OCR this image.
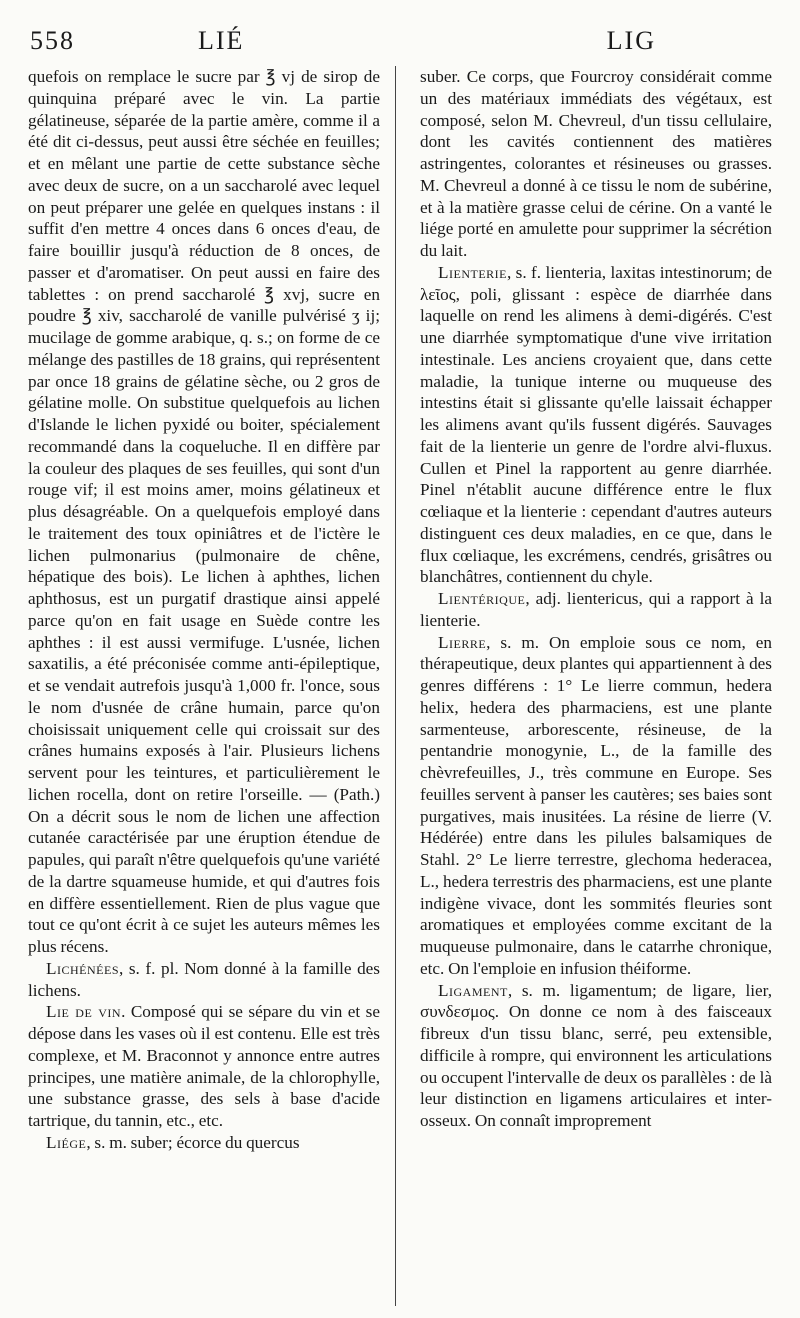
558	LIÉ	LIG

quefois on remplace le sucre par ℥ vj de sirop de quinquina préparé avec le vin. La partie gélatineuse, séparée de la partie amère, comme il a été dit ci-dessus, peut aussi être séchée en feuilles; et en mêlant une partie de cette substance sèche avec deux de sucre, on a un saccharolé avec lequel on peut préparer une gelée en quelques instans : il suffit d'en mettre 4 onces dans 6 onces d'eau, de faire bouillir jusqu'à réduction de 8 onces, de passer et d'aromatiser. On peut aussi en faire des tablettes : on prend saccharolé ℥ xvj, sucre en poudre ℥ xiv, saccharolé de vanille pulvérisé ʒ ij; mucilage de gomme arabique, q. s.; on forme de ce mélange des pastilles de 18 grains, qui représentent par once 18 grains de gélatine sèche, ou 2 gros de gélatine molle. On substitue quelquefois au lichen d'Islande le lichen pyxidé ou boiter, spécialement recommandé dans la coqueluche. Il en diffère par la couleur des plaques de ses feuilles, qui sont d'un rouge vif; il est moins amer, moins gélatineux et plus désagréable. On a quelquefois employé dans le traitement des toux opiniâtres et de l'ictère le lichen pulmonarius (pulmonaire de chêne, hépatique des bois). Le lichen à aphthes, lichen aphthosus, est un purgatif drastique ainsi appelé parce qu'on en fait usage en Suède contre les aphthes : il est aussi vermifuge. L'usnée, lichen saxatilis, a été préconisée comme anti-épileptique, et se vendait autrefois jusqu'à 1,000 fr. l'once, sous le nom d'usnée de crâne humain, parce qu'on choisissait uniquement celle qui croissait sur des crânes humains exposés à l'air. Plusieurs lichens servent pour les teintures, et particulièrement le lichen rocella, dont on retire l'orseille. — (Path.) On a décrit sous le nom de lichen une affection cutanée caractérisée par une éruption étendue de papules, qui paraît n'être quelquefois qu'une variété de la dartre squameuse humide, et qui d'autres fois en diffère essentiellement. Rien de plus vague que tout ce qu'ont écrit à ce sujet les auteurs mêmes les plus récens.

Lichénées, s. f. pl. Nom donné à la famille des lichens.

Lie de vin. Composé qui se sépare du vin et se dépose dans les vases où il est contenu. Elle est très complexe, et M. Braconnot y annonce entre autres principes, une matière animale, de la chlorophylle, une substance grasse, des sels à base d'acide tartrique, du tannin, etc., etc.

Liége, s. m. suber; écorce du quercus

suber. Ce corps, que Fourcroy considérait comme un des matériaux immédiats des végétaux, est composé, selon M. Chevreul, d'un tissu cellulaire, dont les cavités contiennent des matières astringentes, colorantes et résineuses ou grasses. M. Chevreul a donné à ce tissu le nom de subérine, et à la matière grasse celui de cérine. On a vanté le liége porté en amulette pour supprimer la sécrétion du lait.

Lienterie, s. f. lienteria, laxitas intestinorum; de λεῖος, poli, glissant : espèce de diarrhée dans laquelle on rend les alimens à demi-digérés. C'est une diarrhée symptomatique d'une vive irritation intestinale. Les anciens croyaient que, dans cette maladie, la tunique interne ou muqueuse des intestins était si glissante qu'elle laissait échapper les alimens avant qu'ils fussent digérés. Sauvages fait de la lienterie un genre de l'ordre alvi-fluxus. Cullen et Pinel la rapportent au genre diarrhée. Pinel n'établit aucune différence entre le flux cœliaque et la lienterie : cependant d'autres auteurs distinguent ces deux maladies, en ce que, dans le flux cœliaque, les excrémens, cendrés, grisâtres ou blanchâtres, contiennent du chyle.

Lientérique, adj. lientericus, qui a rapport à la lienterie.

Lierre, s. m. On emploie sous ce nom, en thérapeutique, deux plantes qui appartiennent à des genres différens : 1° Le lierre commun, hedera helix, hedera des pharmaciens, est une plante sarmenteuse, arborescente, résineuse, de la pentandrie monogynie, L., de la famille des chèvrefeuilles, J., très commune en Europe. Ses feuilles servent à panser les cautères; ses baies sont purgatives, mais inusitées. La résine de lierre (V. Hédérée) entre dans les pilules balsamiques de Stahl. 2° Le lierre terrestre, glechoma hederacea, L., hedera terrestris des pharmaciens, est une plante indigène vivace, dont les sommités fleuries sont aromatiques et employées comme excitant de la muqueuse pulmonaire, dans le catarrhe chronique, etc. On l'emploie en infusion théiforme.

Ligament, s. m. ligamentum; de ligare, lier, συνδεσμος. On donne ce nom à des faisceaux fibreux d'un tissu blanc, serré, peu extensible, difficile à rompre, qui environnent les articulations ou occupent l'intervalle de deux os parallèles : de là leur distinction en ligamens articulaires et inter-osseux. On connaît improprement
